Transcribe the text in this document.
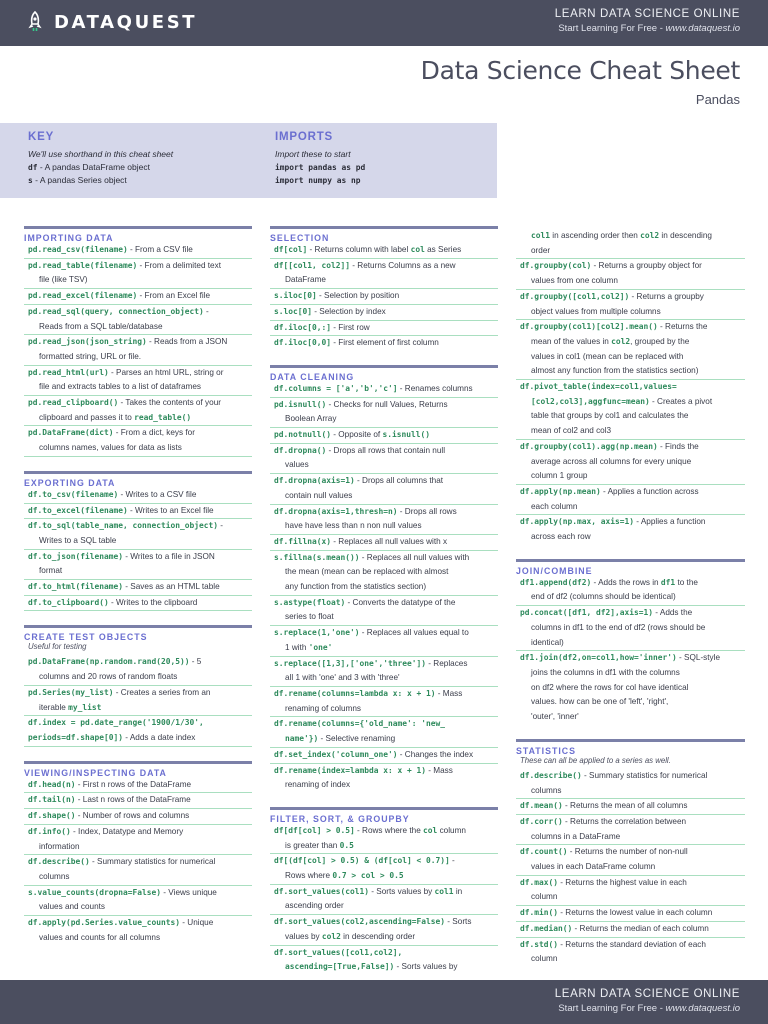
DATAQUEST	LEARN DATA SCIENCE ONLINE
Start Learning For Free - www.dataquest.io
Data Science Cheat Sheet
Pandas
KEY
We'll use shorthand in this cheat sheet
df - A pandas DataFrame object
s - A pandas Series object
IMPORTS
Import these to start
import pandas as pd
import numpy as np
IMPORTING DATA
pd.read_csv(filename) - From a CSV file
pd.read_table(filename) - From a delimited text
file (like TSV)
pd.read_excel(filename) - From an Excel file
pd.read_sql(query, connection_object) -
Reads from a SQL table/database
pd.read_json(json_string) - Reads from a JSON
formatted string, URL or file.
pd.read_html(url) - Parses an html URL, string or
file and extracts tables to a list of dataframes
pd.read_clipboard() - Takes the contents of your
clipboard and passes it to read_table()
pd.DataFrame(dict) - From a dict, keys for
columns names, values for data as lists
EXPORTING DATA
df.to_csv(filename) - Writes to a CSV file
df.to_excel(filename) - Writes to an Excel file
df.to_sql(table_name, connection_object) -
Writes to a SQL table
df.to_json(filename) - Writes to a file in JSON
format
df.to_html(filename) - Saves as an HTML table
df.to_clipboard() - Writes to the clipboard
CREATE TEST OBJECTS
Useful for testing
pd.DataFrame(np.random.rand(20,5)) - 5
columns and 20 rows of random floats
pd.Series(my_list) - Creates a series from an
iterable my_list
df.index = pd.date_range('1900/1/30',
periods=df.shape[0]) - Adds a date index
VIEWING/INSPECTING DATA
df.head(n) - First n rows of the DataFrame
df.tail(n) - Last n rows of the DataFrame
df.shape() - Number of rows and columns
df.info() - Index, Datatype and Memory
information
df.describe() - Summary statistics for numerical
columns
s.value_counts(dropna=False) - Views unique
values and counts
df.apply(pd.Series.value_counts) - Unique
values and counts for all columns
SELECTION
df[col] - Returns column with label col as Series
df[[col1, col2]] - Returns Columns as a new
DataFrame
s.iloc[0] - Selection by position
s.loc[0] - Selection by index
df.iloc[0,:] - First row
df.iloc[0,0] - First element of first column
DATA CLEANING
df.columns = ['a','b','c'] - Renames columns
pd.isnull() - Checks for null Values, Returns
Boolean Array
pd.notnull() - Opposite of s.isnull()
df.dropna() - Drops all rows that contain null
values
df.dropna(axis=1) - Drops all columns that
contain null values
df.dropna(axis=1,thresh=n) - Drops all rows
have have less than n non null values
df.fillna(x) - Replaces all null values with x
s.fillna(s.mean()) - Replaces all null values with
the mean (mean can be replaced with almost
any function from the statistics section)
s.astype(float) - Converts the datatype of the
series to float
s.replace(1,'one') - Replaces all values equal to
1 with 'one'
s.replace([1,3],['one','three']) - Replaces
all 1 with 'one' and 3 with 'three'
df.rename(columns=lambda x: x + 1) - Mass
renaming of columns
df.rename(columns={'old_name': 'new_
name'}) - Selective renaming
df.set_index('column_one') - Changes the index
df.rename(index=lambda x: x + 1) - Mass
renaming of index
FILTER, SORT, & GROUPBY
df[df[col] > 0.5] - Rows where the col column
is greater than 0.5
df[(df[col] > 0.5) & (df[col] < 0.7)] -
Rows where 0.7 > col > 0.5
df.sort_values(col1) - Sorts values by col1 in
ascending order
df.sort_values(col2,ascending=False) - Sorts
values by col2 in descending order
df.sort_values([col1,col2],
ascending=[True,False]) - Sorts values by
col1 in ascending order then col2 in descending
order
df.groupby(col) - Returns a groupby object for
values from one column
df.groupby([col1,col2]) - Returns a groupby
object values from multiple columns
df.groupby(col1)[col2].mean() - Returns the
mean of the values in col2, grouped by the
values in col1 (mean can be replaced with
almost any function from the statistics section)
df.pivot_table(index=col1,values=
[col2,col3],aggfunc=mean) - Creates a pivot
table that groups by col1 and calculates the
mean of col2 and col3
df.groupby(col1).agg(np.mean) - Finds the
average across all columns for every unique
column 1 group
df.apply(np.mean) - Applies a function across
each column
df.apply(np.max, axis=1) - Applies a function
across each row
JOIN/COMBINE
df1.append(df2) - Adds the rows in df1 to the
end of df2 (columns should be identical)
pd.concat([df1, df2],axis=1) - Adds the
columns in df1 to the end of df2 (rows should be
identical)
df1.join(df2,on=col1,how='inner') - SQL-style
joins the columns in df1 with the columns
on df2 where the rows for col have identical
values. how can be one of 'left', 'right',
'outer', 'inner'
STATISTICS
These can all be applied to a series as well.
df.describe() - Summary statistics for numerical
columns
df.mean() - Returns the mean of all columns
df.corr() - Returns the correlation between
columns in a DataFrame
df.count() - Returns the number of non-null
values in each DataFrame column
df.max() - Returns the highest value in each
column
df.min() - Returns the lowest value in each column
df.median() - Returns the median of each column
df.std() - Returns the standard deviation of each
column
LEARN DATA SCIENCE ONLINE
Start Learning For Free - www.dataquest.io
